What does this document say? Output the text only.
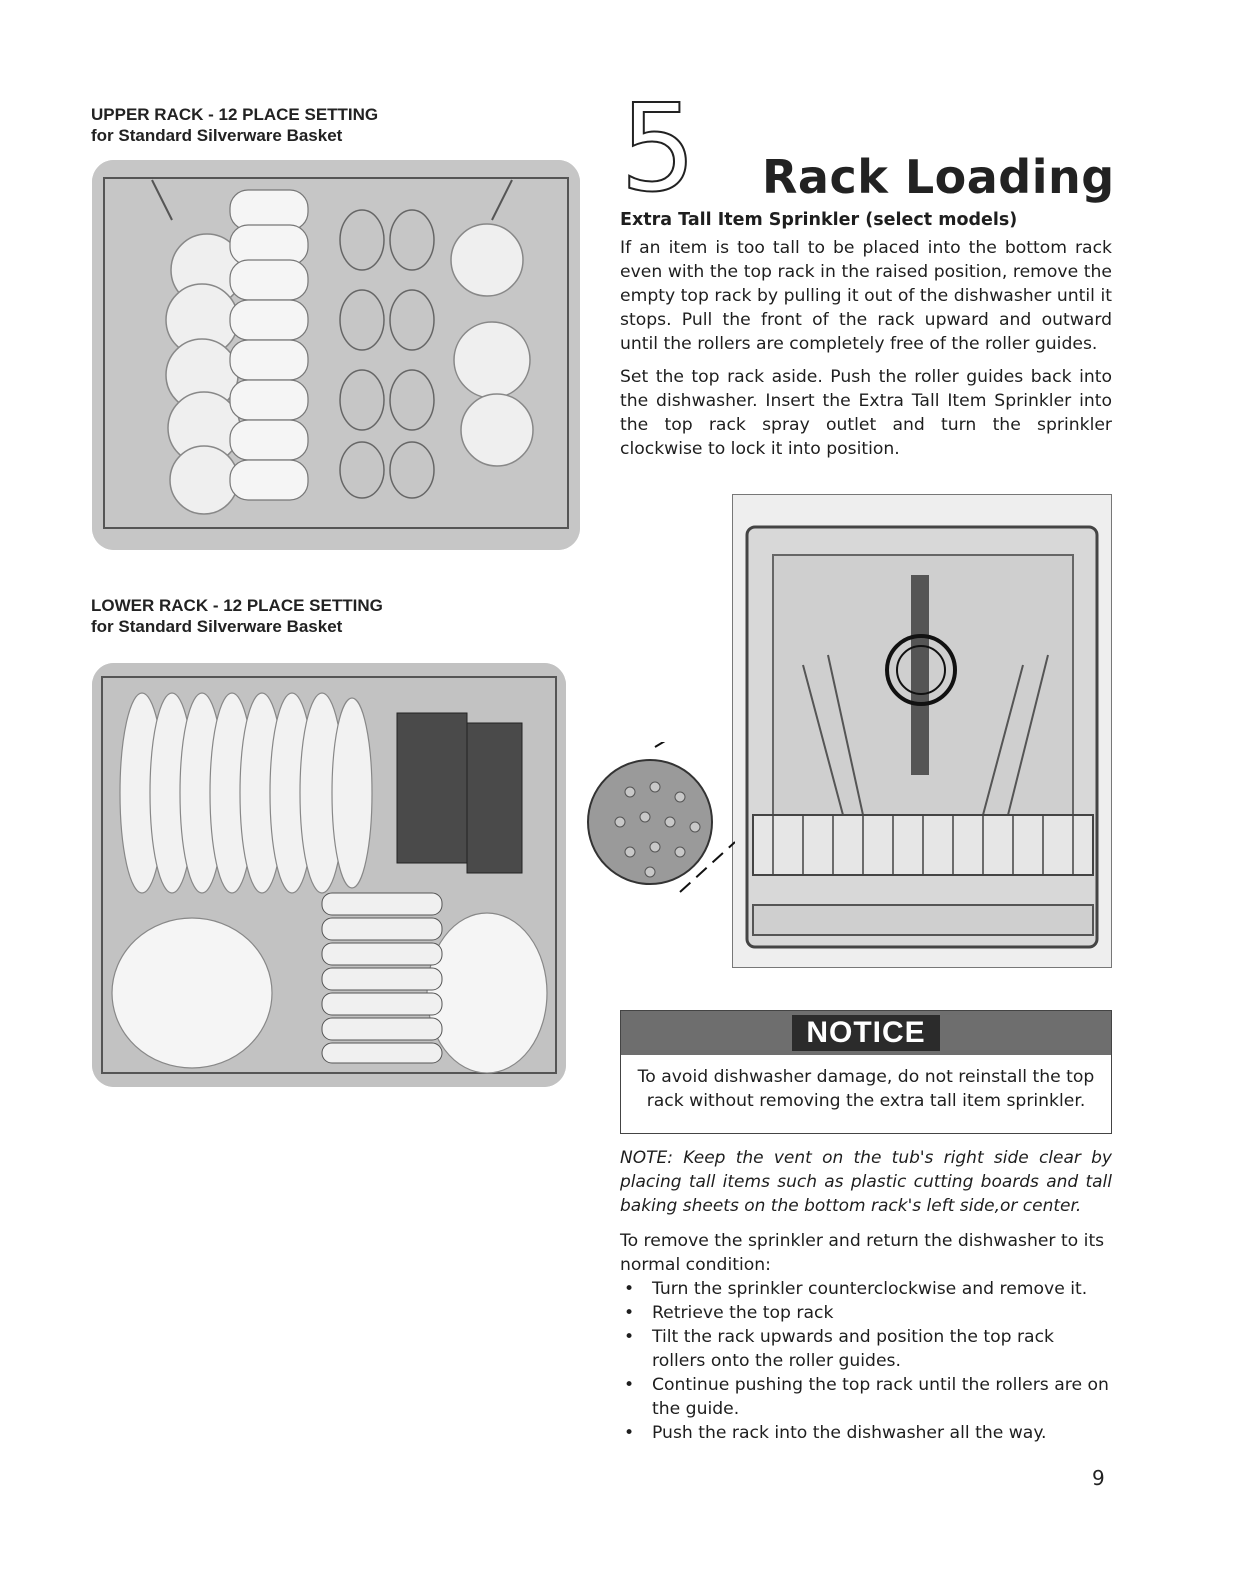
UPPER RACK - 12 PLACE SETTING
for Standard Silverware Basket
LOWER RACK - 12 PLACE SETTING
for Standard Silverware Basket
5 Rack Loading
Extra Tall Item Sprinkler (select models)

If an item is too tall to be placed into the bottom rack even with the top rack in the raised position, remove the empty top rack by pulling it out of the dishwasher until it stops. Pull the front of the rack upward and outward until the rollers are completely free of the roller guides.

Set the top rack aside. Push the roller guides back into the dishwasher. Insert the Extra Tall Item Sprinkler into the top rack spray outlet and turn the sprinkler clockwise to lock it into position.

NOTICE
To avoid dishwasher damage, do not reinstall the top rack without removing the extra tall item sprinkler.
NOTE: Keep the vent on the tub's right side clear by placing tall items such as plastic cutting boards and tall baking sheets on the bottom rack's left side,or center.
To remove the sprinkler and return the dishwasher to its normal condition:
• Turn the sprinkler counterclockwise and remove it.
• Retrieve the top rack
• Tilt the rack upwards and position the top rack rollers onto the roller guides.
• Continue pushing the top rack until the rollers are on the guide.
• Push the rack into the dishwasher all the way.
9
